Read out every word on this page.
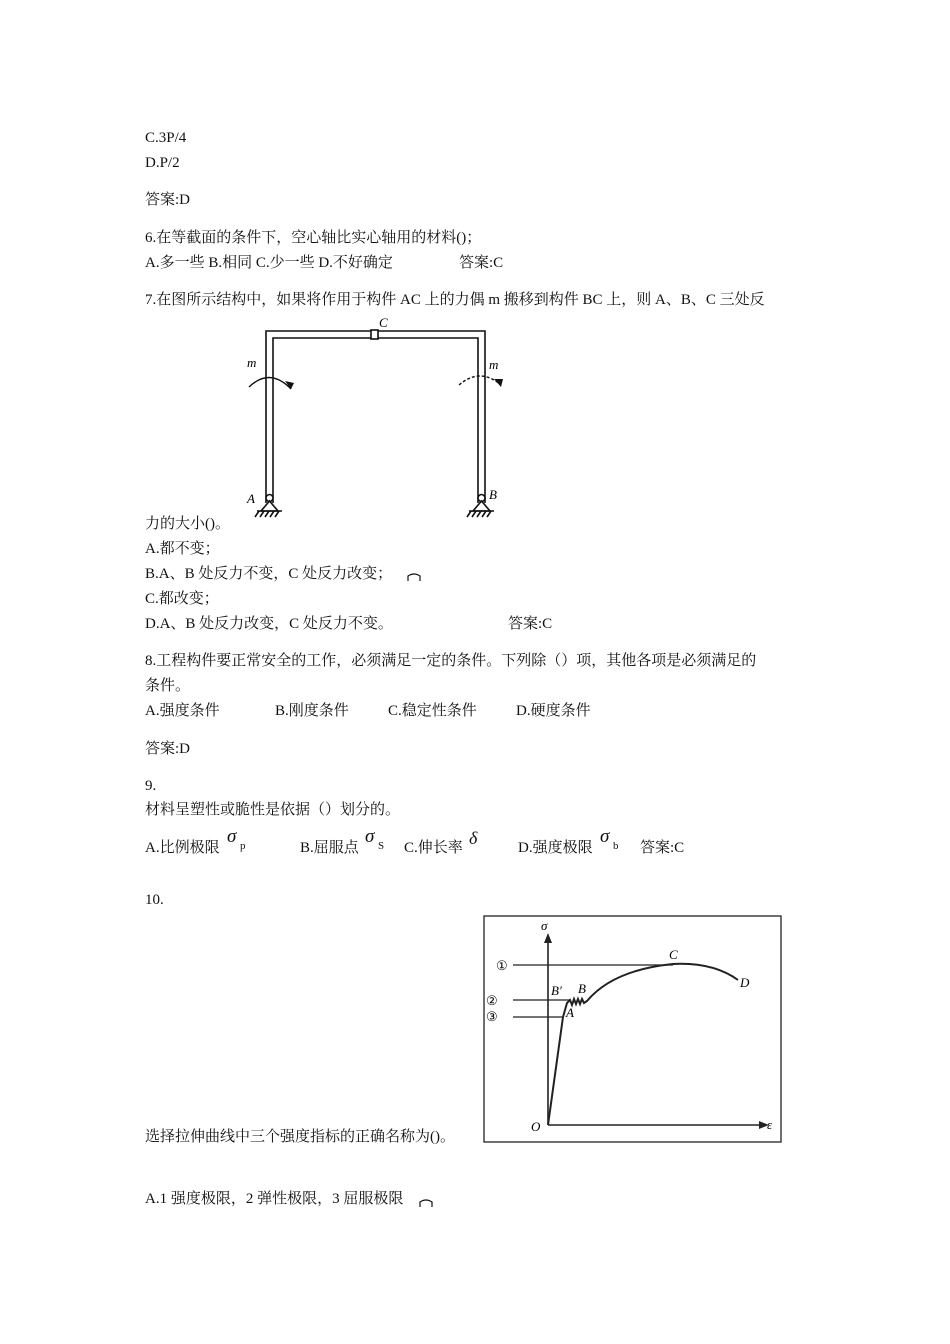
C.3P/4
D.P/2
答案:D
6.在等截面的条件下，空心轴比实心轴用的材料()；
A.多一些 B.相同 C.少一些 D.不好确定	答案:C
7.在图所示结构中，如果将作用于构件 AC 上的力偶 m 搬移到构件 BC 上，则 A、B、C 三处反
C
m	m
A	B
力的大小()。
A.都不变；
B.A、B 处反力不变，C 处反力改变；
C.都改变；
D.A、B 处反力改变，C 处反力不变。	答案:C
8.工程构件要正常安全的工作，必须满足一定的条件。下列除（）项，其他各项是必须满足的
条件。
A.强度条件	B.刚度条件	C.稳定性条件	D.硬度条件
答案:D
9.
材料呈塑性或脆性是依据（）划分的。
A.比例极限
σ p	B.屈服点
σ S C.伸长率 δ	D.强度极限
σ b 答案:C
10.
①
②
③
σ
ε
O
A
B′ B
C
D
选择拉伸曲线中三个强度指标的正确名称为()。
A.1 强度极限，2 弹性极限，3 屈服极限
